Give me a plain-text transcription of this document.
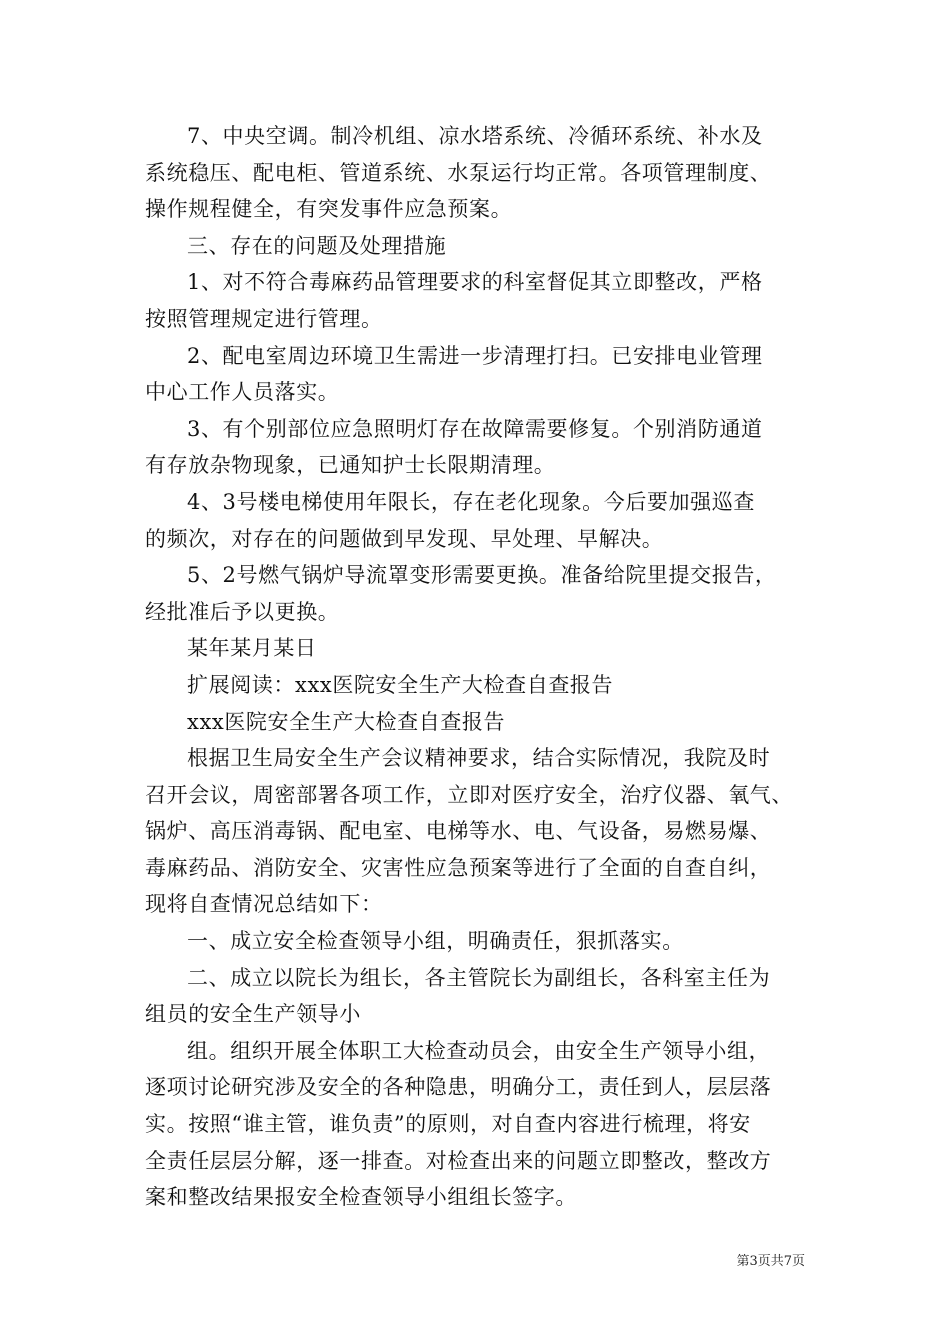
7、中央空调。制冷机组、凉水塔系统、冷循环系统、补水及
系统稳压、配电柜、管道系统、水泵运行均正常。各项管理制度、
操作规程健全，有突发事件应急预案。
三、存在的问题及处理措施
1、对不符合毒麻药品管理要求的科室督促其立即整改，严格
按照管理规定进行管理。
2、配电室周边环境卫生需进一步清理打扫。已安排电业管理
中心工作人员落实。
3、有个别部位应急照明灯存在故障需要修复。个别消防通道
有存放杂物现象，已通知护士长限期清理。
4、3号楼电梯使用年限长，存在老化现象。今后要加强巡查
的频次，对存在的问题做到早发现、早处理、早解决。
5、2号燃气锅炉导流罩变形需要更换。准备给院里提交报告，
经批准后予以更换。
某年某月某日
扩展阅读：xxx医院安全生产大检查自查报告
xxx医院安全生产大检查自查报告
根据卫生局安全生产会议精神要求，结合实际情况，我院及时
召开会议，周密部署各项工作，立即对医疗安全，治疗仪器、氧气、
锅炉、高压消毒锅、配电室、电梯等水、电、气设备，易燃易爆、
毒麻药品、消防安全、灾害性应急预案等进行了全面的自查自纠，
现将自查情况总结如下：
一、成立安全检查领导小组，明确责任，狠抓落实。
二、成立以院长为组长，各主管院长为副组长，各科室主任为
组员的安全生产领导小
组。组织开展全体职工大检查动员会，由安全生产领导小组，
逐项讨论研究涉及安全的各种隐患，明确分工，责任到人，层层落
实。按照“谁主管，谁负责”的原则，对自查内容进行梳理，将安
全责任层层分解，逐一排查。对检查出来的问题立即整改，整改方
案和整改结果报安全检查领导小组组长签字。
第3页共7页
